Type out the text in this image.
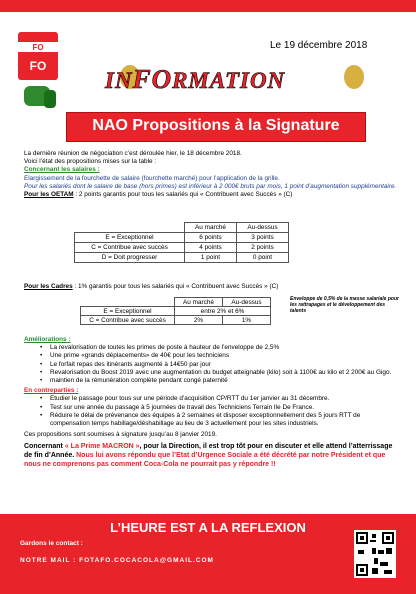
FO
FO
Le 19 décembre 2018
INFORMATION
NAO Propositions à la Signature

La dernière réunion de négociation c’est déroulée hier, le 18 décembre 2018.

Voici l’état des propositions mises sur la table :

Concernant les salaires :

Elargissement de la fourchette de salaire (fourchette marché) pour l’application de la grille.

Pour les salariés dont le salaire de base (hors primes) est inférieur à 2 000€ bruts par mois, 1 point d’augmentation supplémentaire.

Pour les OETAM : 2 points garantis pour tous les salariés qui « Contribuent avec Succès » (C)

	Au marché	Au-dessus
E = Exceptionnel	6 points	3 points
C = Contribue avec succès	4 points	2 points
D = Doit progresser	1 point	0 point

Pour les Cadres : 1% garantis pour tous les salariés qui « Contribuent avec Succès » (C)

	Au marché	Au-dessus
E = Exceptionnel	entre 2% et 6%	
C = Contribue avec succès	2%	1%
Enveloppe de 0,5% de la masse salariale pour les rattrapages et le développement des talents

Améliorations :

• La revalorisation de toutes les primes de poste à hauteur de l’enveloppe de 2,5%
• Une prime «grands déplacements» de 40€ pour les techniciens
• Le forfait repas des itinérants augmenté à 14€50 par jour
• Revalorisation du Boost 2019 avec une augmentation du budget atteignable (kilo) soit à 1100€ au kilo et 2 200€ au Gigo.
• maintien de la rémunération complète pendant congé paternité

En contreparties :

• Etudier le passage pour tous sur une période d’acquisition CP/RTT du 1er janvier au 31 décembre.
• Test sur une année du passage à 5 journées de travail des Techniciens Terrain Ile De France.
• Réduire le délai de prévenance des équipes à 2 semaines et disposer exceptionnellement des 5 jours RTT de compensation temps habillage/déshabillage au lieu de 3 actuellement pour les sites industriels.

Ces propositions sont soumises à signature jusqu’au 8 janvier 2019.

Concernant « La Prime MACRON », pour la Direction, il est trop tôt pour en discuter et elle attend l’atterrissage de fin d’Année. Nous lui avons répondu que l’Etat d’Urgence Sociale a été décrété par notre Président et que nous ne comprenons pas comment Coca-Cola ne pourrait pas y répondre !!

L’HEURE EST A LA REFLEXION
Gardons le contact :
NOTRE MAIL : FOTAFO.COCACOLA@GMAIL.COM
